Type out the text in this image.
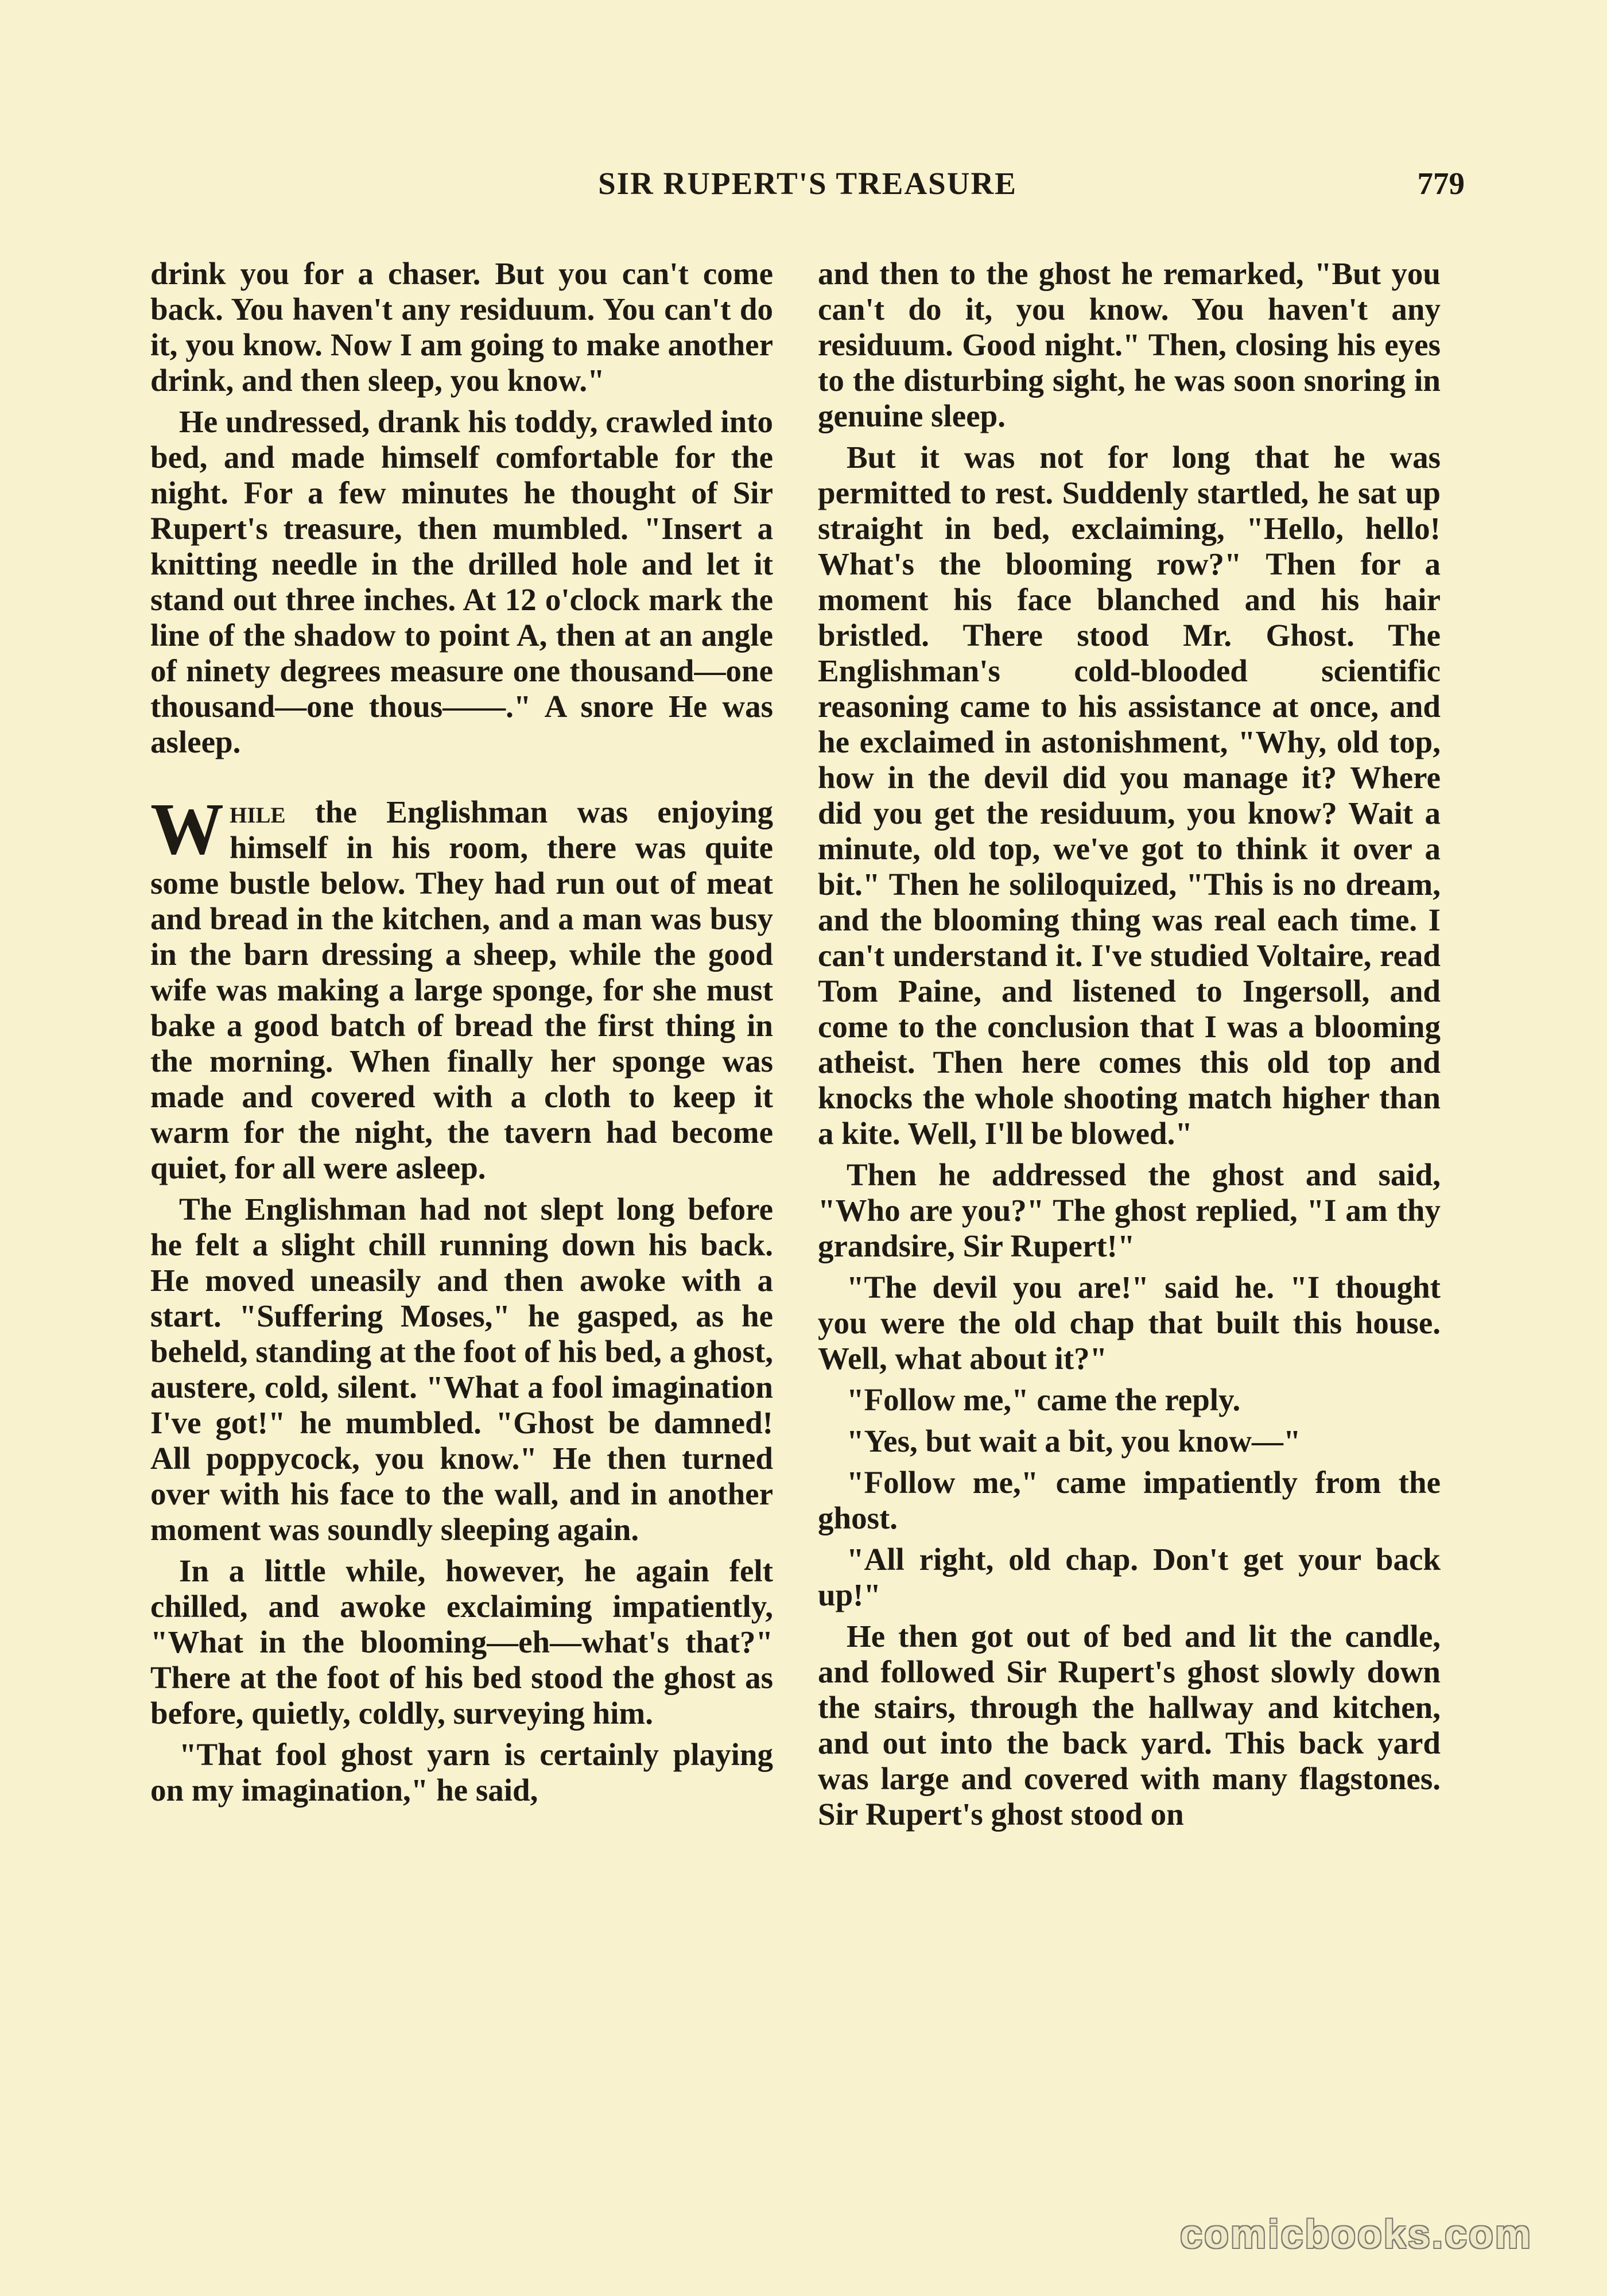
SIR RUPERT'S TREASURE	779

drink you for a chaser. But you can't come back. You haven't any residuum. You can't do it, you know. Now I am going to make another drink, and then sleep, you know."

He undressed, drank his toddy, crawled into bed, and made himself comfortable for the night. For a few minutes he thought of Sir Rupert's treasure, then mumbled. "Insert a knitting needle in the drilled hole and let it stand out three inches. At 12 o'clock mark the line of the shadow to point A, then at an angle of ninety degrees measure one thousand—one thousand—one thous——." A snore He was asleep.

While the Englishman was enjoying himself in his room, there was quite some bustle below. They had run out of meat and bread in the kitchen, and a man was busy in the barn dressing a sheep, while the good wife was making a large sponge, for she must bake a good batch of bread the first thing in the morning. When finally her sponge was made and covered with a cloth to keep it warm for the night, the tavern had become quiet, for all were asleep.

The Englishman had not slept long before he felt a slight chill running down his back. He moved uneasily and then awoke with a start. "Suffering Moses," he gasped, as he beheld, standing at the foot of his bed, a ghost, austere, cold, silent. "What a fool imagination I've got!" he mumbled. "Ghost be damned! All poppycock, you know." He then turned over with his face to the wall, and in another moment was soundly sleeping again.

In a little while, however, he again felt chilled, and awoke exclaiming impatiently, "What in the blooming—eh—what's that?" There at the foot of his bed stood the ghost as before, quietly, coldly, surveying him.

"That fool ghost yarn is certainly playing on my imagination," he said,

and then to the ghost he remarked, "But you can't do it, you know. You haven't any residuum. Good night." Then, closing his eyes to the disturbing sight, he was soon snoring in genuine sleep.

But it was not for long that he was permitted to rest. Suddenly startled, he sat up straight in bed, exclaiming, "Hello, hello! What's the blooming row?" Then for a moment his face blanched and his hair bristled. There stood Mr. Ghost. The Englishman's cold-blooded scientific reasoning came to his assistance at once, and he exclaimed in astonishment, "Why, old top, how in the devil did you manage it? Where did you get the residuum, you know? Wait a minute, old top, we've got to think it over a bit." Then he soliloquized, "This is no dream, and the blooming thing was real each time. I can't understand it. I've studied Voltaire, read Tom Paine, and listened to Ingersoll, and come to the conclusion that I was a blooming atheist. Then here comes this old top and knocks the whole shooting match higher than a kite. Well, I'll be blowed."

Then he addressed the ghost and said, "Who are you?" The ghost replied, "I am thy grandsire, Sir Rupert!"

"The devil you are!" said he. "I thought you were the old chap that built this house. Well, what about it?"

"Follow me," came the reply.

"Yes, but wait a bit, you know—"

"Follow me," came impatiently from the ghost.

"All right, old chap. Don't get your back up!"

He then got out of bed and lit the candle, and followed Sir Rupert's ghost slowly down the stairs, through the hallway and kitchen, and out into the back yard. This back yard was large and covered with many flagstones. Sir Rupert's ghost stood on

comicbooks.com
